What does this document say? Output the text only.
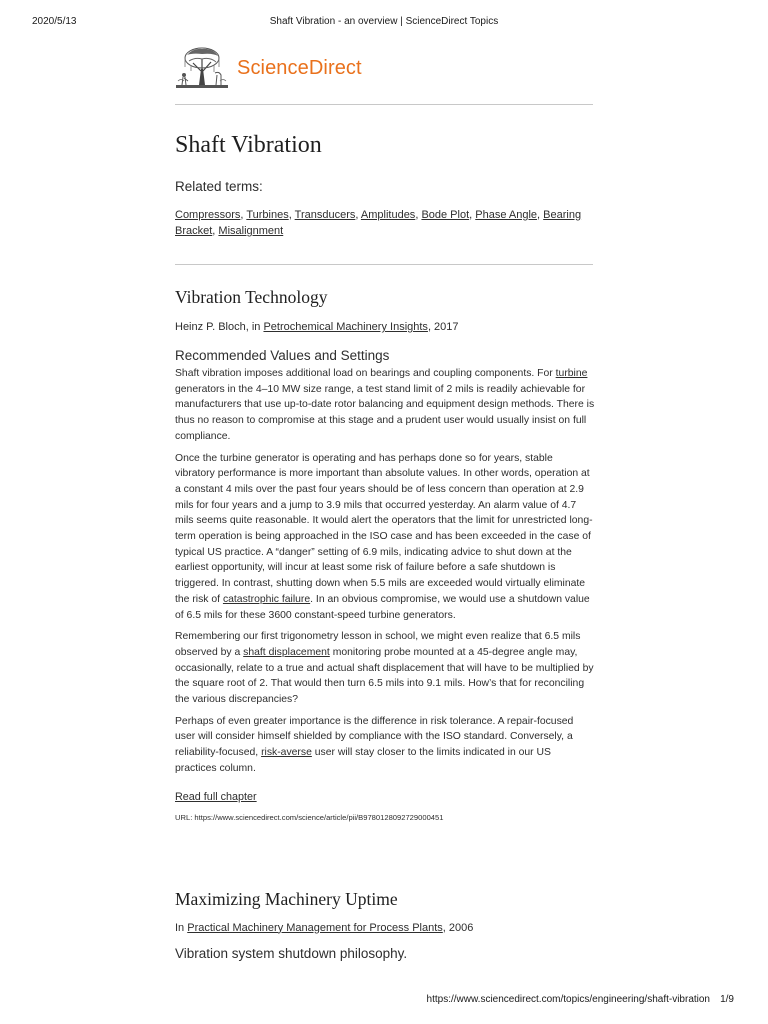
2020/5/13	Shaft Vibration - an overview | ScienceDirect Topics
ScienceDirect
Shaft Vibration
Related terms:
Compressors, Turbines, Transducers, Amplitudes, Bode Plot, Phase Angle, Bearing Bracket, Misalignment
Vibration Technology
Heinz P. Bloch, in Petrochemical Machinery Insights, 2017
Recommended Values and Settings

Shaft vibration imposes additional load on bearings and coupling components. For turbine generators in the 4–10 MW size range, a test stand limit of 2 mils is readily achievable for manufacturers that use up-to-date rotor balancing and equipment design methods. There is thus no reason to compromise at this stage and a prudent user would usually insist on full compliance.

Once the turbine generator is operating and has perhaps done so for years, stable vibratory performance is more important than absolute values. In other words, operation at a constant 4 mils over the past four years should be of less concern than operation at 2.9 mils for four years and a jump to 3.9 mils that occurred yesterday. An alarm value of 4.7 mils seems quite reasonable. It would alert the operators that the limit for unrestricted long-term operation is being approached in the ISO case and has been exceeded in the case of typical US practice. A “danger” setting of 6.9 mils, indicating advice to shut down at the earliest opportunity, will incur at least some risk of failure before a safe shutdown is triggered. In contrast, shutting down when 5.5 mils are exceeded would virtually eliminate the risk of catastrophic failure. In an obvious compromise, we would use a shutdown value of 6.5 mils for these 3600 constant-speed turbine generators.

Remembering our first trigonometry lesson in school, we might even realize that 6.5 mils observed by a shaft displacement monitoring probe mounted at a 45-degree angle may, occasionally, relate to a true and actual shaft displacement that will have to be multiplied by the square root of 2. That would then turn 6.5 mils into 9.1 mils. How’s that for reconciling the various discrepancies?

Perhaps of even greater importance is the difference in risk tolerance. A repair-focused user will consider himself shielded by compliance with the ISO standard. Conversely, a reliability-focused, risk-averse user will stay closer to the limits indicated in our US practices column.

Read full chapter
URL: https://www.sciencedirect.com/science/article/pii/B9780128092729000451
Maximizing Machinery Uptime
In Practical Machinery Management for Process Plants, 2006
Vibration system shutdown philosophy.
https://www.sciencedirect.com/topics/engineering/shaft-vibration 1/9
